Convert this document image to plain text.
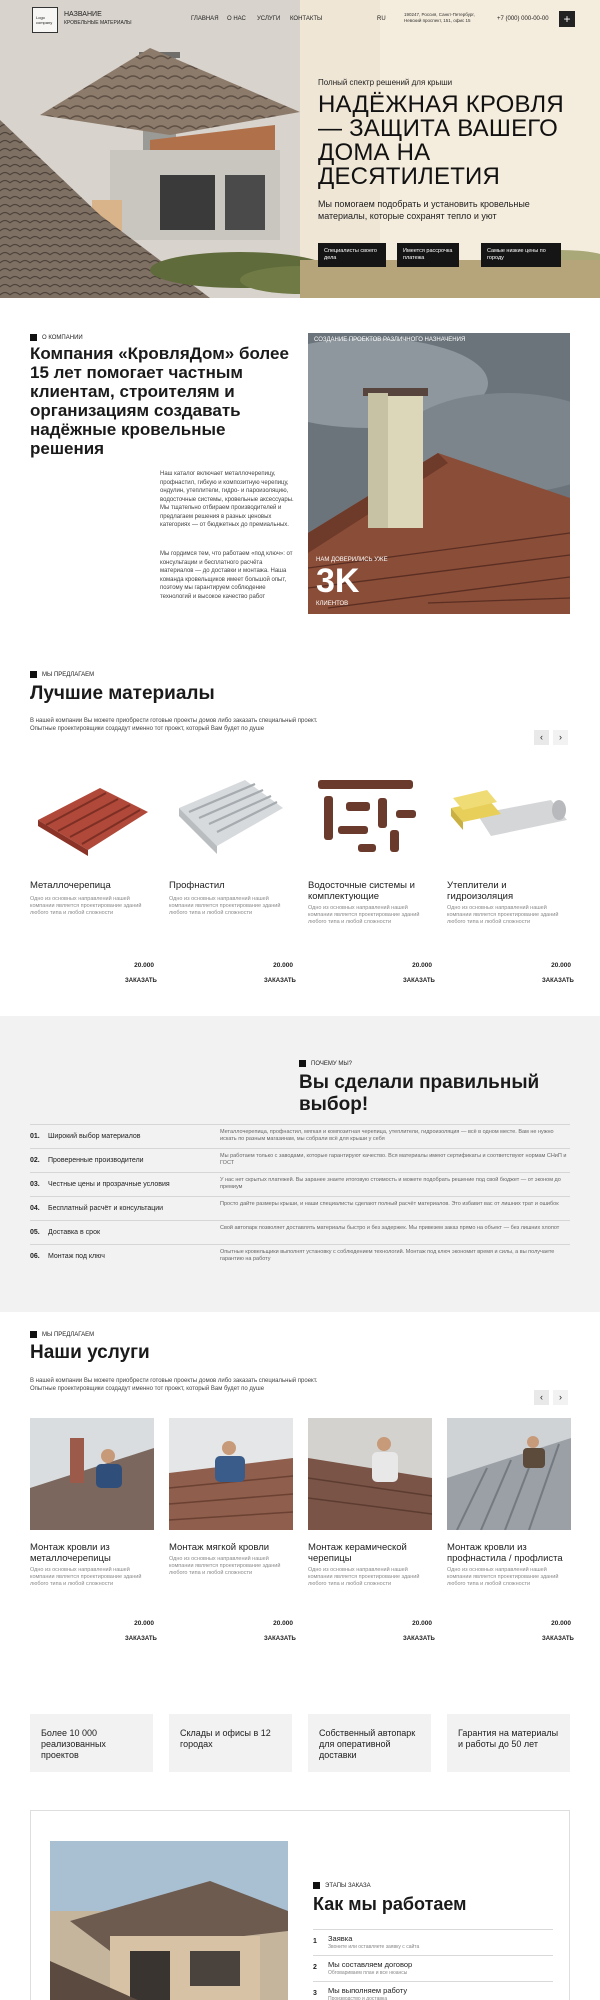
Logo company
НАЗВАНИЕ
КРОВЕЛЬНЫЕ МАТЕРИАЛЫ
ГЛАВНАЯ О НАС УСЛУГИ КОНТАКТЫ	RU
190247, Россия, Санкт-Петербург, Невский проспект, 151, офис 15	+7 (000) 000-00-00	+
Полный спектр решений для крыши
НАДЁЖНАЯ КРОВЛЯ — ЗАЩИТА ВАШЕГО ДОМА НА ДЕСЯТИЛЕТИЯ

Мы помогаем подобрать и установить кровельные материалы, которые сохранят тепло и уют

Специалисты своего дела
Имеется рассрочка платежа
Самые низкие цены по городу
О КОМПАНИИ
Компания «КровляДом» более 15 лет помогает частным клиентам, строителям и организациям создавать надёжные кровельные решения

Наш каталог включает металлочерепицу, профнастил, гибкую и композитную черепицу, ондулин, утеплители, гидро- и пароизоляцию, водосточные системы, кровельные аксессуары. Мы тщательно отбираем производителей и предлагаем решения в разных ценовых категориях — от бюджетных до премиальных.

Мы гордимся тем, что работаем «под ключ»: от консультации и бесплатного расчёта материалов — до доставки и монтажа. Наша команда кровельщиков имеет большой опыт, поэтому мы гарантируем соблюдение технологий и высокое качество работ

СОЗДАНИЕ ПРОЕКТОВ РАЗЛИЧНОГО НАЗНАЧЕНИЯ
НАМ ДОВЕРИЛИСЬ УЖЕ
3K
КЛИЕНТОВ
МЫ ПРЕДЛАГАЕМ
Лучшие материалы

В нашей компании Вы можете приобрести готовые проекты домов либо заказать специальный проект. Опытные проектировщики создадут именно тот проект, который Вам будет по душе

‹	›
Металлочерепица
Одно из основных направлений нашей компании является проектирование зданий любого типа и любой сложности
20.000
ЗАКАЗАТЬ
Профнастил
Одно из основных направлений нашей компании является проектирование зданий любого типа и любой сложности
20.000
ЗАКАЗАТЬ
Водосточные системы и комплектующие
Одно из основных направлений нашей компании является проектирование зданий любого типа и любой сложности
20.000
ЗАКАЗАТЬ
Утеплители и гидроизоляция
Одно из основных направлений нашей компании является проектирование зданий любого типа и любой сложности
20.000
ЗАКАЗАТЬ
ПОЧЕМУ МЫ?
Вы сделали правильный выбор!
01. Широкий выбор материалов
Металлочерепица, профнастил, мягкая и композитная черепица, утеплители, гидроизоляция — всё в одном месте. Вам не нужно искать по разным магазинам, мы собрали всё для крыши у себя
02. Проверенные производители
Мы работаем только с заводами, которые гарантируют качество. Вся материалы имеют сертификаты и соответствуют нормам СНиП и ГОСТ
03. Честные цены и прозрачные условия
У нас нет скрытых платежей. Вы заранее знаете итоговую стоимость и можете подобрать решение под свой бюджет — от эконом до премиум
04. Бесплатный расчёт и консультации
Просто дайте размеры крыши, и наши специалисты сделают полный расчёт материалов. Это избавит вас от лишних трат и ошибок
05. Доставка в срок
Свой автопарк позволяет доставлять материалы быстро и без задержек. Мы привезем заказ прямо на объект — без лишних хлопот
06. Монтаж под ключ
Опытные кровельщики выполнят установку с соблюдением технологий. Монтаж под ключ экономит время и силы, а вы получаете гарантию на работу
МЫ ПРЕДЛАГАЕМ
Наши услуги

В нашей компании Вы можете приобрести готовые проекты домов либо заказать специальный проект. Опытные проектировщики создадут именно тот проект, который Вам будет по душе

‹	›
Монтаж кровли из металлочерепицы
Одно из основных направлений нашей компании является проектирование зданий любого типа и любой сложности
20.000
ЗАКАЗАТЬ
Монтаж мягкой кровли
Одно из основных направлений нашей компании является проектирование зданий любого типа и любой сложности
20.000
ЗАКАЗАТЬ
Монтаж керамической черепицы
Одно из основных направлений нашей компании является проектирование зданий любого типа и любой сложности
20.000
ЗАКАЗАТЬ
Монтаж кровли из профнастила / профлиста
Одно из основных направлений нашей компании является проектирование зданий любого типа и любой сложности
20.000
ЗАКАЗАТЬ
Более 10 000 реализованных проектов
Склады и офисы в 12 городах
Собственный автопарк для оперативной доставки
Гарантия на материалы и работы до 50 лет
ЭТАПЫ ЗАКАЗА
Как мы работаем
1 Заявка
Звоните или оставляете заявку с сайта
2 Мы составляем договор
Обговариваем план и все нюансы
3 Мы выполняем работу
Производство и доставка
